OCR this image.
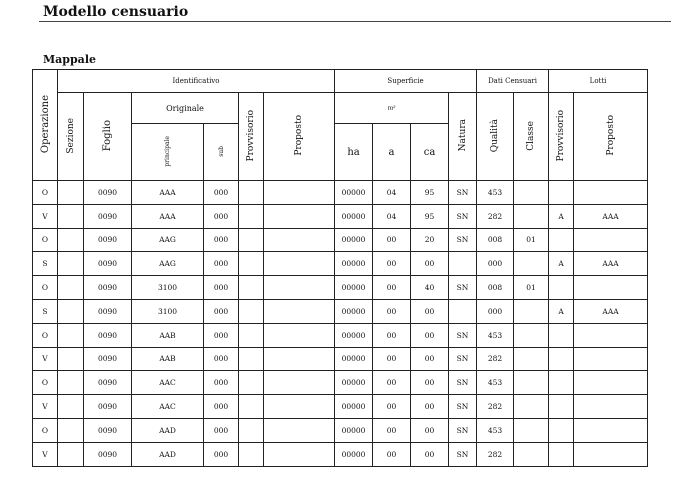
Modello censuario
Mappale
Operazione	Identificativo						Superficie				Dati Censuari		Lotti	
	Sezione	Foglio	Originale		Provvisorio	Proposto	m²			Natura	Qualità	Classe	Provvisorio	Proposto
			principale	sub			ha	a	ca					
O		0090	AAA	000			00000	04	95	SN	453			
V		0090	AAA	000			00000	04	95	SN	282		A	AAA
O		0090	AAG	000			00000	00	20	SN	008	01		
S		0090	AAG	000			00000	00	00		000		A	AAA
O		0090	3100	000			00000	00	40	SN	008	01		
S		0090	3100	000			00000	00	00		000		A	AAA
O		0090	AAB	000			00000	00	00	SN	453			
V		0090	AAB	000			00000	00	00	SN	282			
O		0090	AAC	000			00000	00	00	SN	453			
V		0090	AAC	000			00000	00	00	SN	282			
O		0090	AAD	000			00000	00	00	SN	453			
V		0090	AAD	000			00000	00	00	SN	282			
